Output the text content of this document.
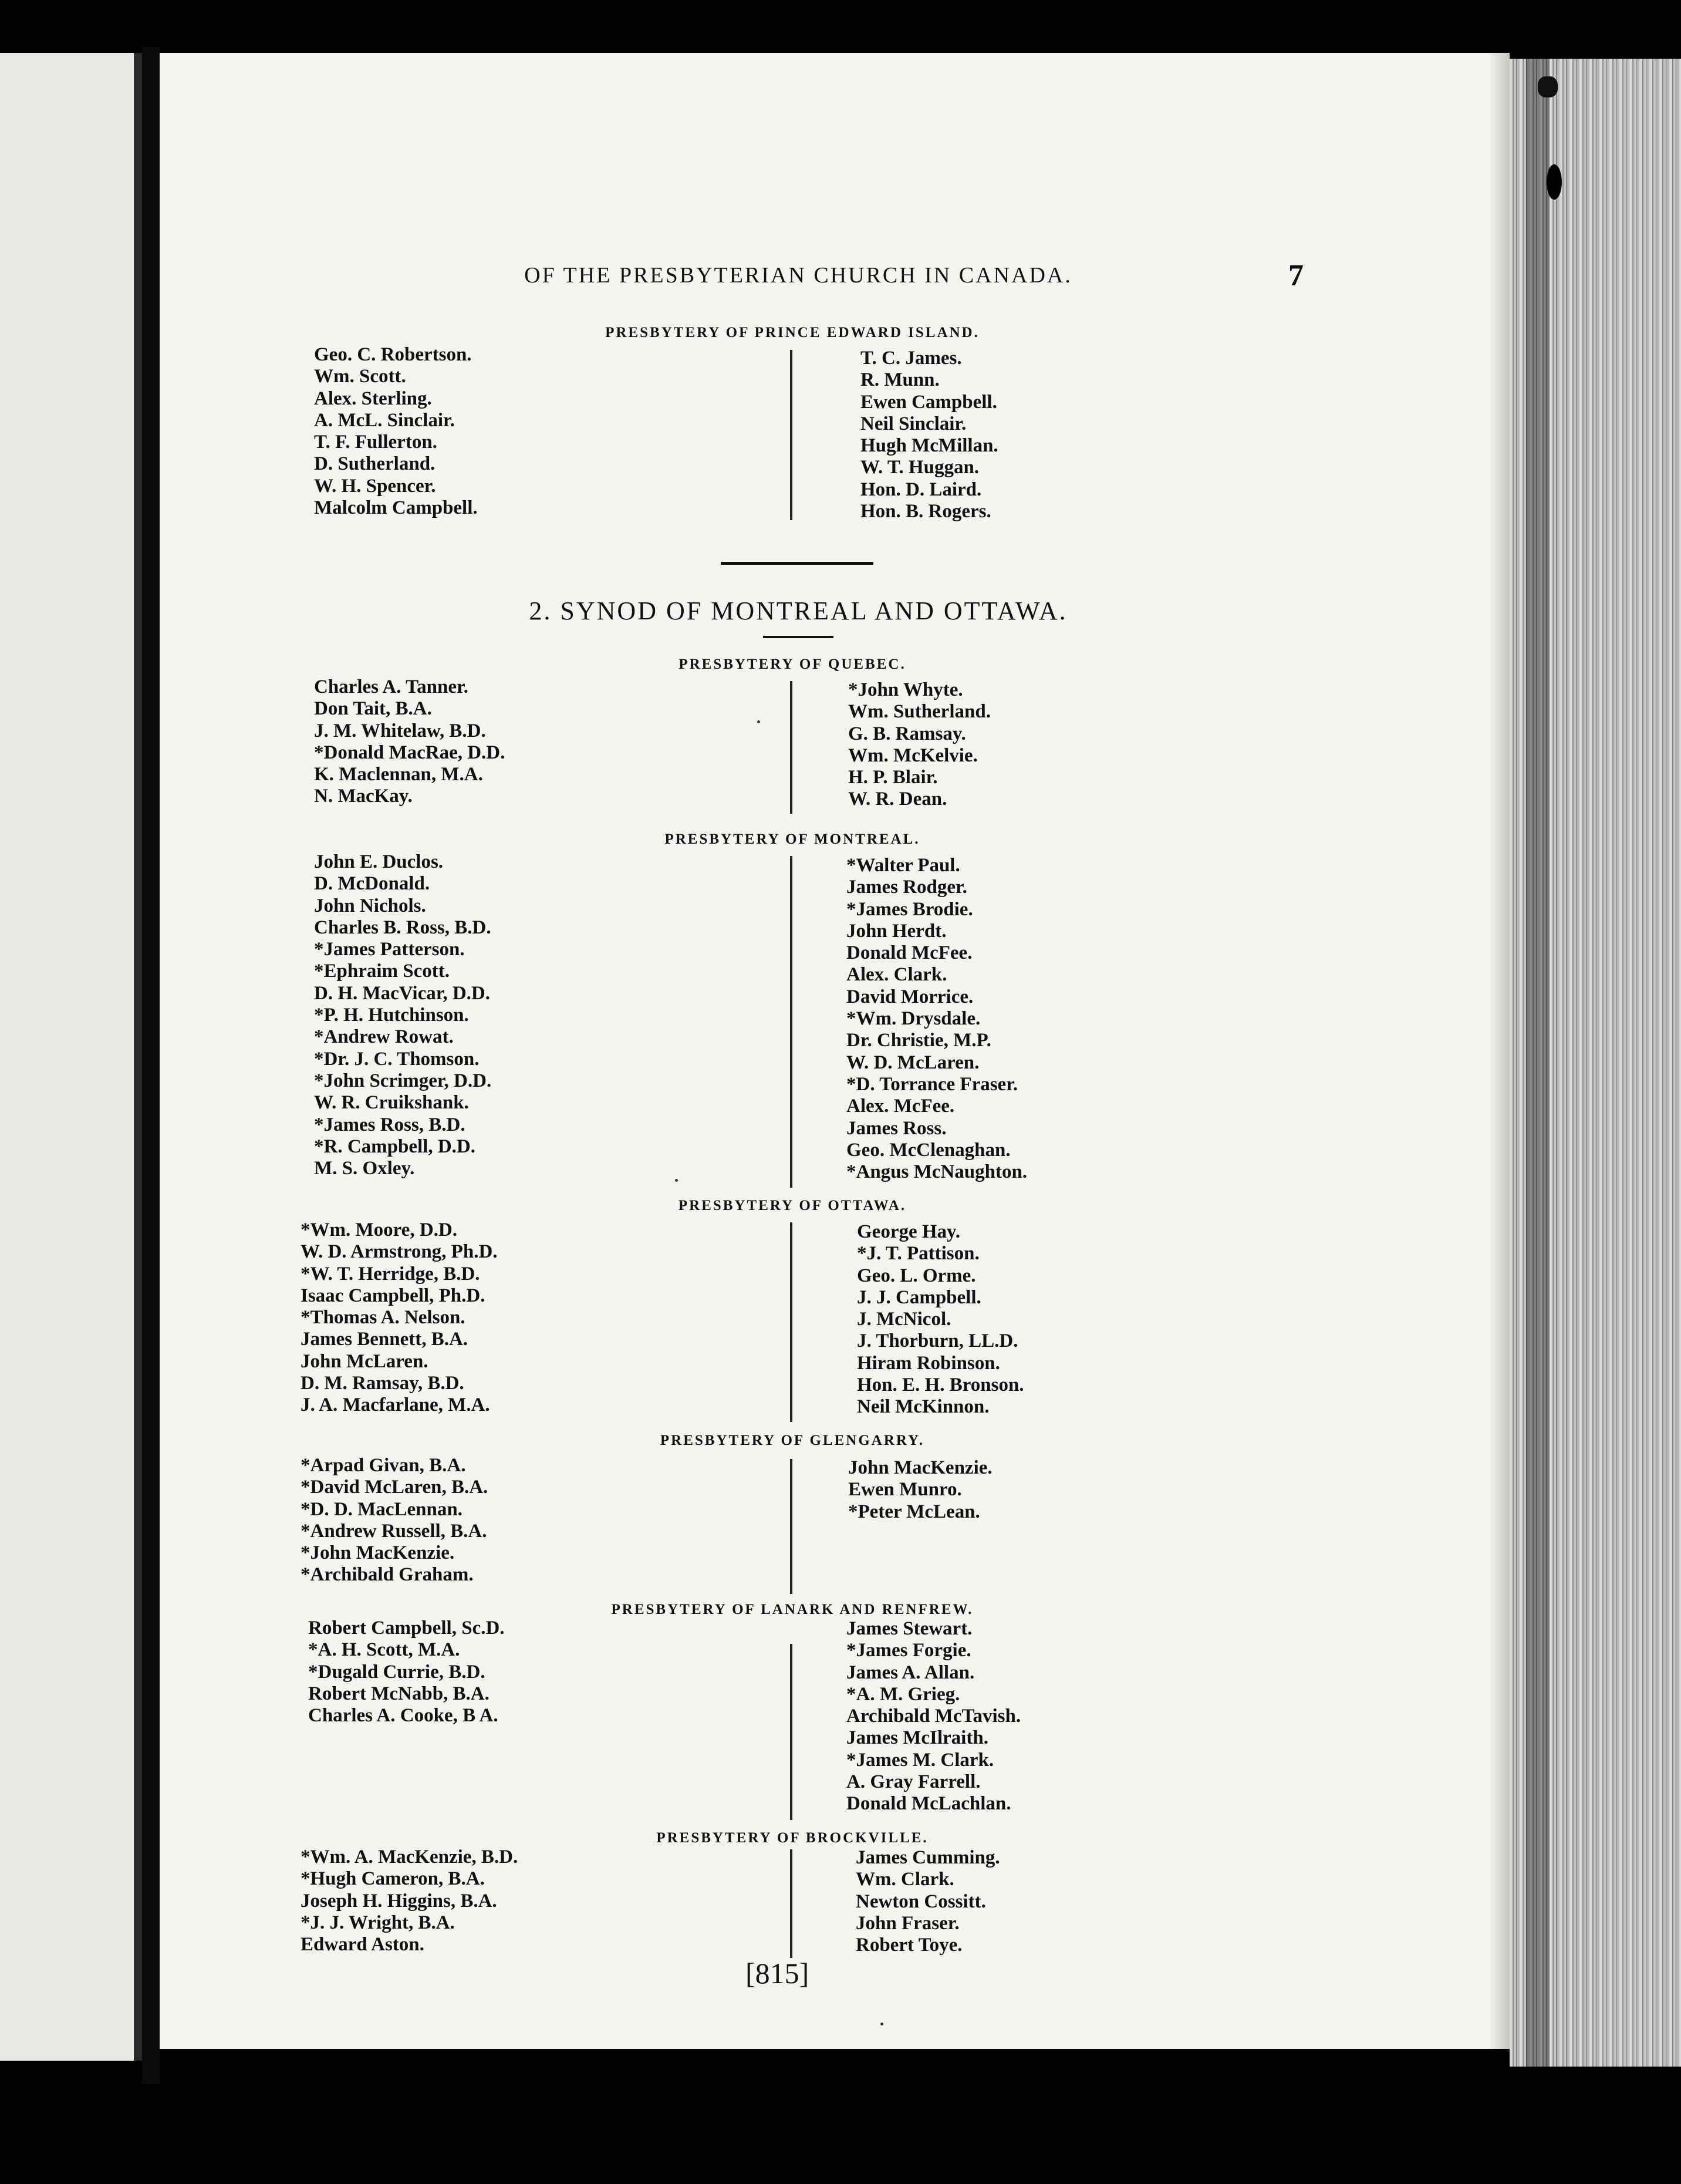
OF THE PRESBYTERIAN CHURCH IN CANADA.	7
PRESBYTERY OF PRINCE EDWARD ISLAND.
Geo. C. Robertson.
Wm. Scott.
Alex. Sterling.
A. McL. Sinclair.
T. F. Fullerton.
D. Sutherland.
W. H. Spencer.
Malcolm Campbell.
T. C. James.
R. Munn.
Ewen Campbell.
Neil Sinclair.
Hugh McMillan.
W. T. Huggan.
Hon. D. Laird.
Hon. B. Rogers.
2. SYNOD OF MONTREAL AND OTTAWA.
PRESBYTERY OF QUEBEC.
Charles A. Tanner.
Don Tait, B.A.
J. M. Whitelaw, B.D.
*Donald MacRae, D.D.
K. Maclennan, M.A.
N. MacKay.
*John Whyte.
Wm. Sutherland.
G. B. Ramsay.
Wm. McKelvie.
H. P. Blair.
W. R. Dean.
PRESBYTERY OF MONTREAL.
John E. Duclos.
D. McDonald.
John Nichols.
Charles B. Ross, B.D.
*James Patterson.
*Ephraim Scott.
D. H. MacVicar, D.D.
*P. H. Hutchinson.
*Andrew Rowat.
*Dr. J. C. Thomson.
*John Scrimger, D.D.
W. R. Cruikshank.
*James Ross, B.D.
*R. Campbell, D.D.
M. S. Oxley.
*Walter Paul.
James Rodger.
*James Brodie.
John Herdt.
Donald McFee.
Alex. Clark.
David Morrice.
*Wm. Drysdale.
Dr. Christie, M.P.
W. D. McLaren.
*D. Torrance Fraser.
Alex. McFee.
James Ross.
Geo. McClenaghan.
*Angus McNaughton.
PRESBYTERY OF OTTAWA.
*Wm. Moore, D.D.
W. D. Armstrong, Ph.D.
*W. T. Herridge, B.D.
Isaac Campbell, Ph.D.
*Thomas A. Nelson.
James Bennett, B.A.
John McLaren.
D. M. Ramsay, B.D.
J. A. Macfarlane, M.A.
George Hay.
*J. T. Pattison.
Geo. L. Orme.
J. J. Campbell.
J. McNicol.
J. Thorburn, LL.D.
Hiram Robinson.
Hon. E. H. Bronson.
Neil McKinnon.
PRESBYTERY OF GLENGARRY.
*Arpad Givan, B.A.
*David McLaren, B.A.
*D. D. MacLennan.
*Andrew Russell, B.A.
*John MacKenzie.
*Archibald Graham.
John MacKenzie.
Ewen Munro.
*Peter McLean.
PRESBYTERY OF LANARK AND RENFREW.
Robert Campbell, Sc.D.
*A. H. Scott, M.A.
*Dugald Currie, B.D.
Robert McNabb, B.A.
Charles A. Cooke, B A.
James Stewart.
*James Forgie.
James A. Allan.
*A. M. Grieg.
Archibald McTavish.
James McIlraith.
*James M. Clark.
A. Gray Farrell.
Donald McLachlan.
PRESBYTERY OF BROCKVILLE.
*Wm. A. MacKenzie, B.D.
*Hugh Cameron, B.A.
Joseph H. Higgins, B.A.
*J. J. Wright, B.A.
Edward Aston.
James Cumming.
Wm. Clark.
Newton Cossitt.
John Fraser.
Robert Toye.
[815]
